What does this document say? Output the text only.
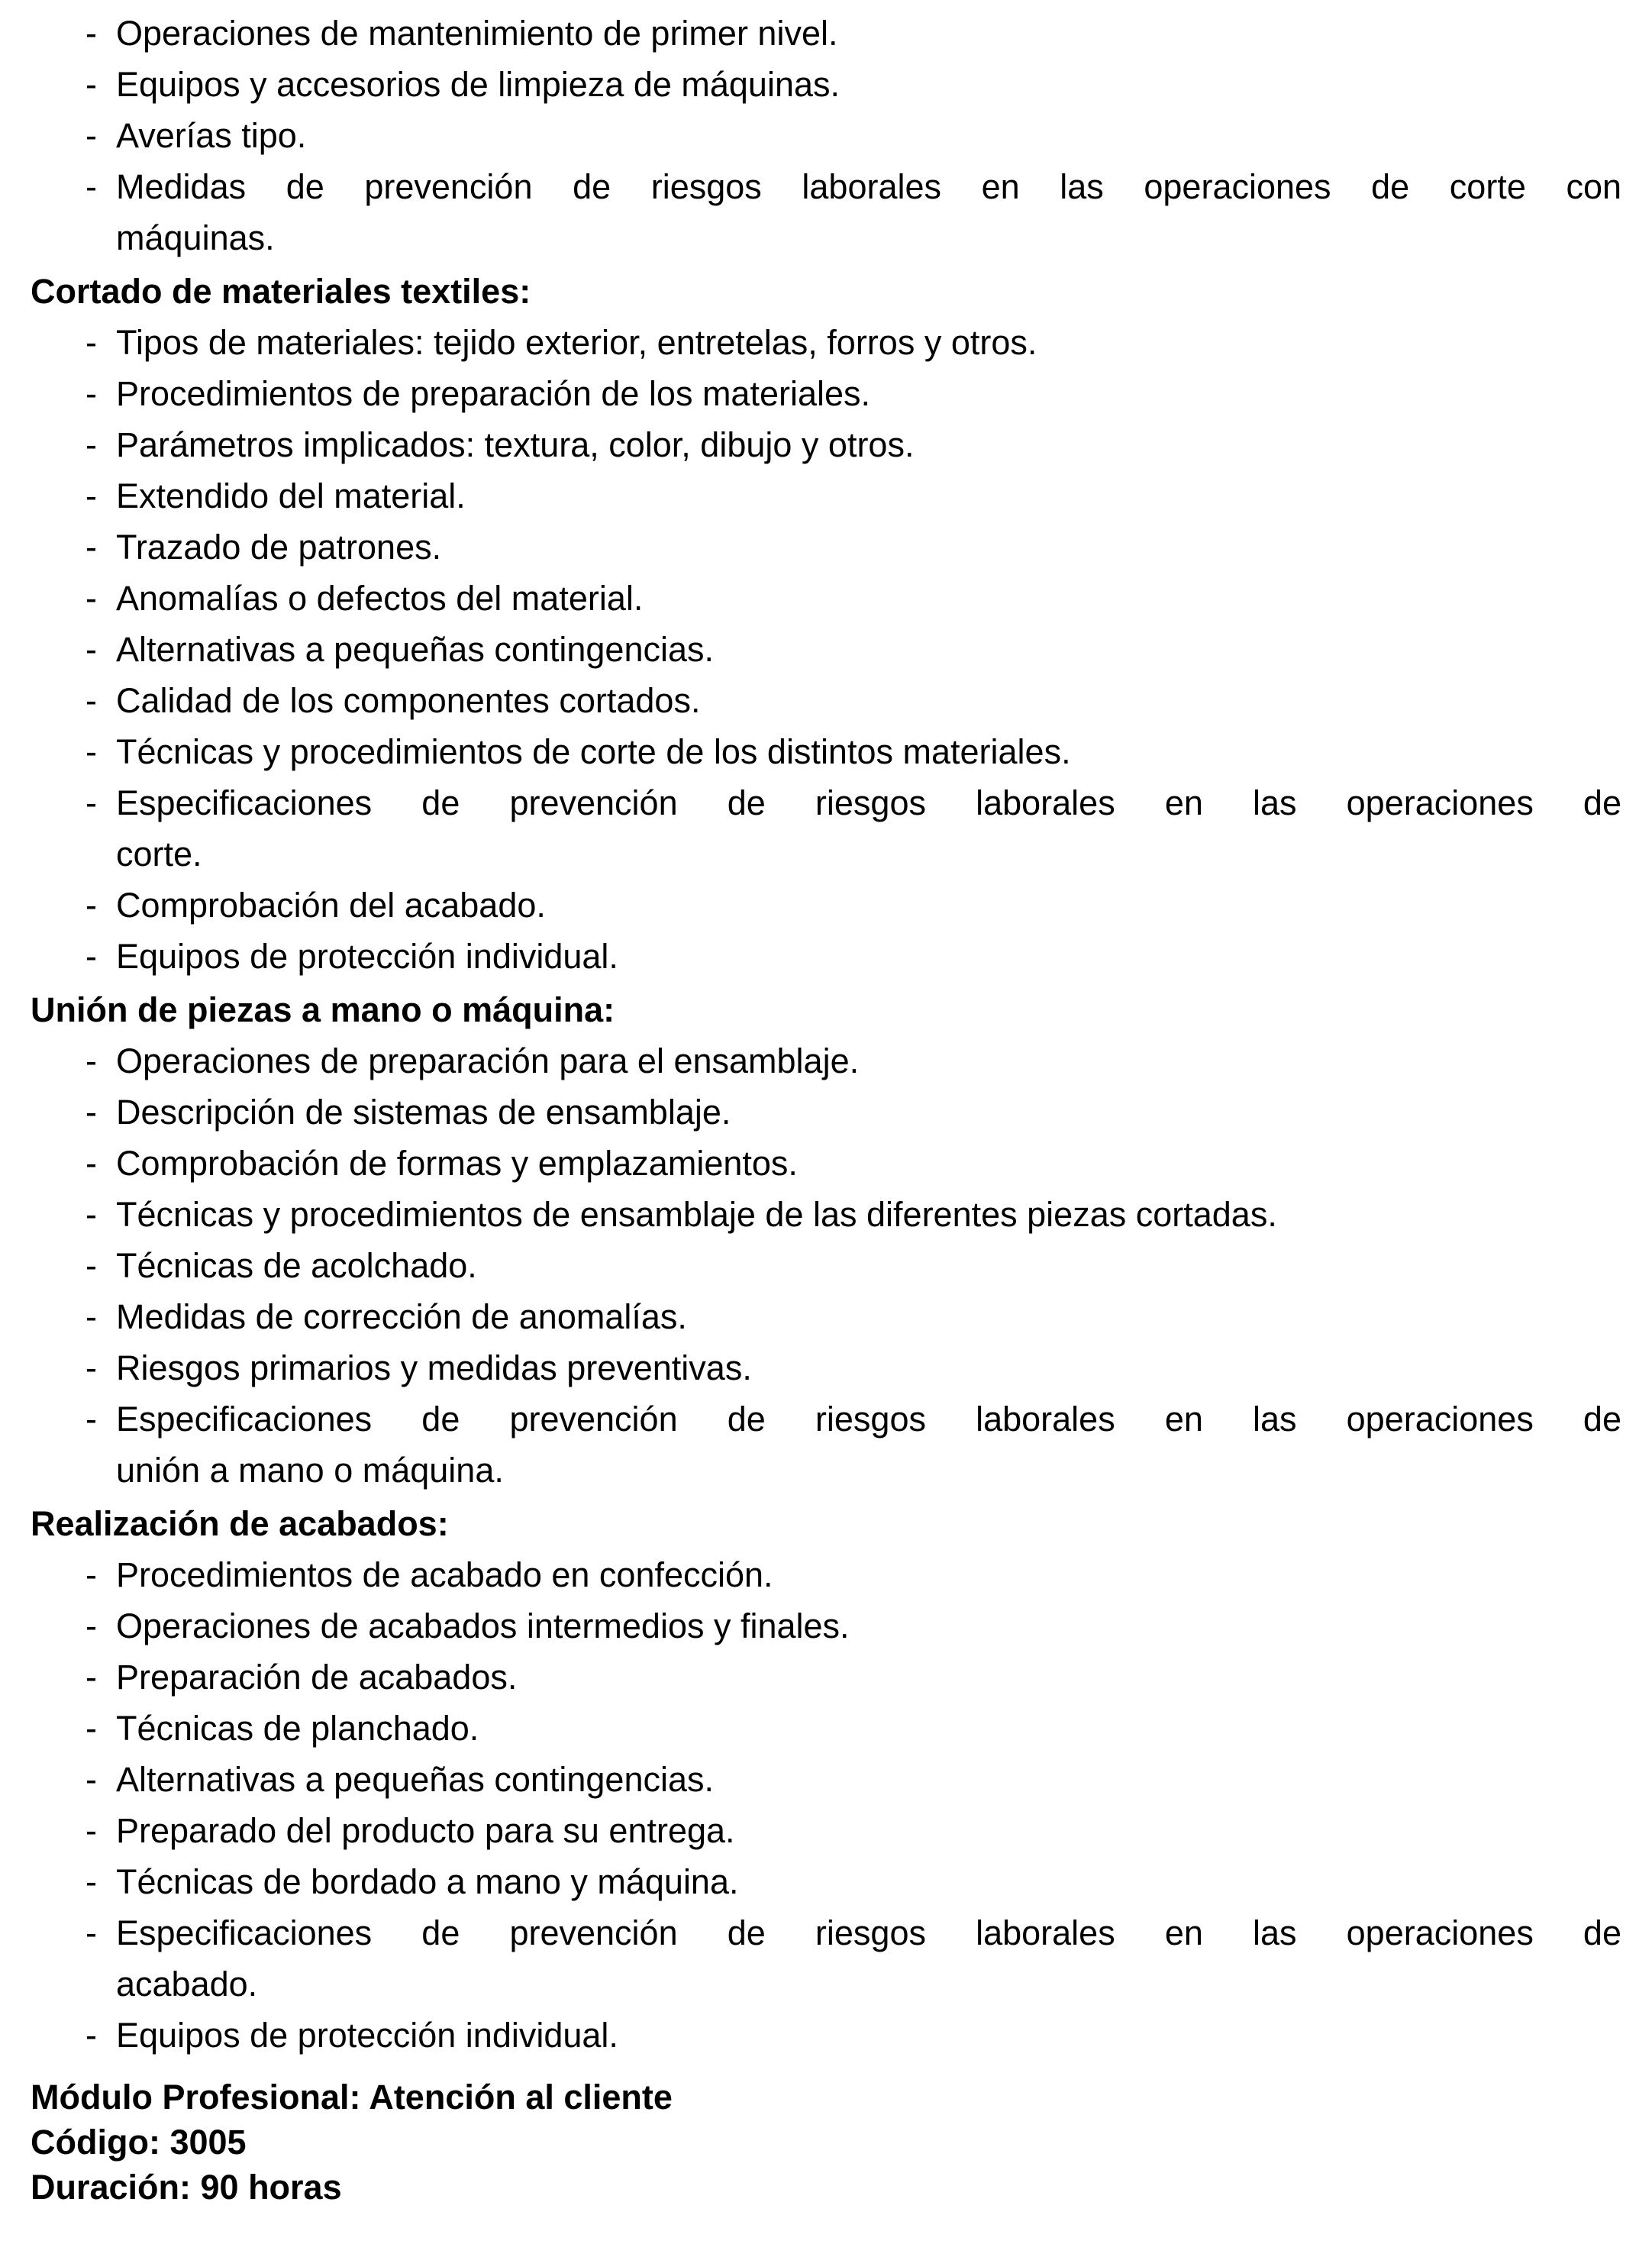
- Operaciones de mantenimiento de primer nivel.
- Equipos y accesorios de limpieza de máquinas.
- Averías tipo.
- Medidas de prevención de riesgos laborales en las operaciones de corte con
máquinas.
Cortado de materiales textiles:
- Tipos de materiales: tejido exterior, entretelas, forros y otros.
- Procedimientos de preparación de los materiales.
- Parámetros implicados: textura, color, dibujo y otros.
- Extendido del material.
- Trazado de patrones.
- Anomalías o defectos del material.
- Alternativas a pequeñas contingencias.
- Calidad de los componentes cortados.
- Técnicas y procedimientos de corte de los distintos materiales.
- Especificaciones de prevención de riesgos laborales en las operaciones de
corte.
- Comprobación del acabado.
- Equipos de protección individual.
Unión de piezas a mano o máquina:
- Operaciones de preparación para el ensamblaje.
- Descripción de sistemas de ensamblaje.
- Comprobación de formas y emplazamientos.
- Técnicas y procedimientos de ensamblaje de las diferentes piezas cortadas.
- Técnicas de acolchado.
- Medidas de corrección de anomalías.
- Riesgos primarios y medidas preventivas.
- Especificaciones de prevención de riesgos laborales en las operaciones de
unión a mano o máquina.
Realización de acabados:
- Procedimientos de acabado en confección.
- Operaciones de acabados intermedios y finales.
- Preparación de acabados.
- Técnicas de planchado.
- Alternativas a pequeñas contingencias.
- Preparado del producto para su entrega.
- Técnicas de bordado a mano y máquina.
- Especificaciones de prevención de riesgos laborales en las operaciones de
acabado.
- Equipos de protección individual.
Módulo Profesional: Atención al cliente
Código: 3005
Duración: 90 horas
